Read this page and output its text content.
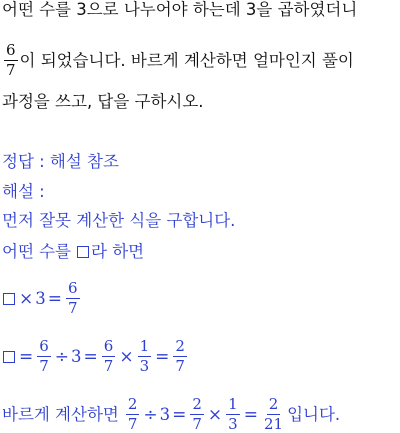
어떤 수를 3으로 나누어야 하는데 3을 곱하였더니
$\frac{6}{7}$ 이 되었습니다. 바르게 계산하면 얼마인지 풀이
과정을 쓰고, 답을 구하시오.
정답 : 해설 참조
해설 :
먼저 잘못 계산한 식을 구합니다.
어떤 수를 라 하면
× $3 = \frac{6}{7}$
= $\frac{6}{7} \div 3 = \frac{6}{7} \times \frac{1}{3} = \frac{2}{7}$
바르게 계산하면 $\frac{2}{7} \div 3 = \frac{2}{7} \times \frac{1}{3} = \frac{2}{21}$ 입니다.
